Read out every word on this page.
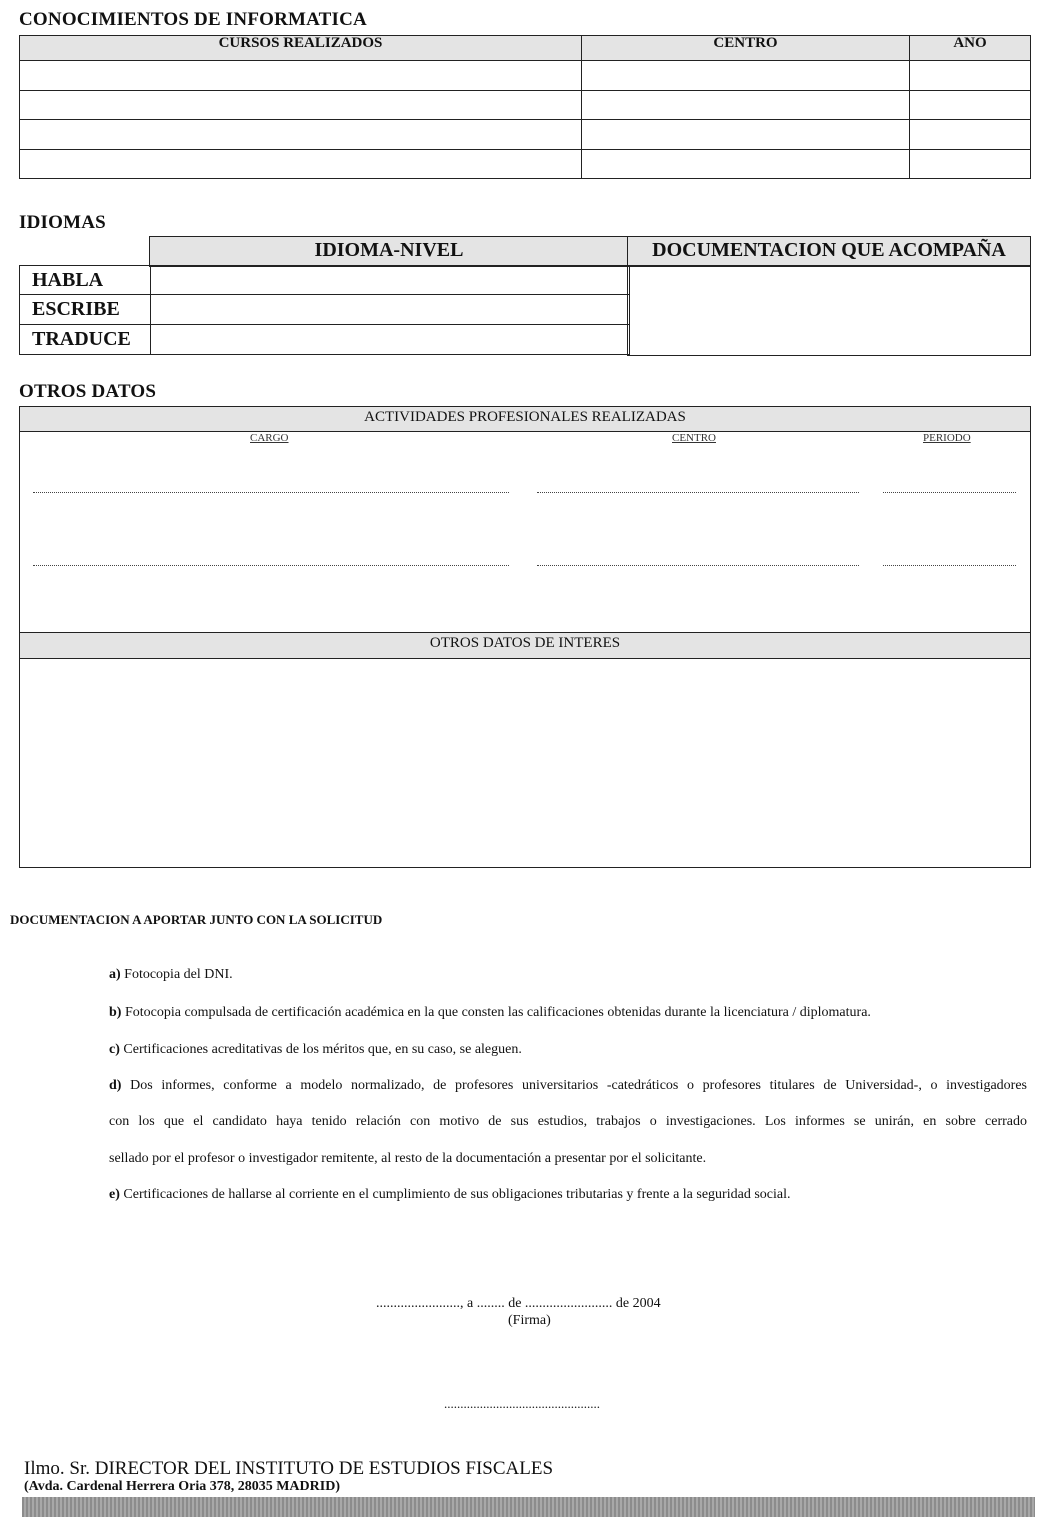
CONOCIMIENTOS DE INFORMATICA
CURSOS REALIZADOS	CENTRO	ANO

IDIOMAS
IDIOMA-NIVEL	DOCUMENTACION QUE ACOMPAÑA
HABLA	
ESCRIBE	
TRADUCE	
OTROS DATOS
ACTIVIDADES PROFESIONALES REALIZADAS
CARGO	CENTRO	PERIODO
OTROS DATOS DE INTERES
DOCUMENTACION A APORTAR JUNTO CON LA SOLICITUD
a) Fotocopia del DNI.
b) Fotocopia compulsada de certificación académica en la que consten las calificaciones obtenidas durante la licenciatura / diplomatura.
c) Certificaciones acreditativas de los méritos que, en su caso, se aleguen.
d) Dos informes, conforme a modelo normalizado, de profesores universitarios -catedráticos o profesores titulares de Universidad-, o investigadores
con los que el candidato haya tenido relación con motivo de sus estudios, trabajos o investigaciones. Los informes se unirán, en sobre cerrado
sellado por el profesor o investigador remitente, al resto de la documentación a presentar por el solicitante.
e) Certificaciones de hallarse al corriente en el cumplimiento de sus obligaciones tributarias y frente a la seguridad social.
........................, a ........ de ......................... de 2004
(Firma)
................................................
Ilmo. Sr. DIRECTOR DEL INSTITUTO DE ESTUDIOS FISCALES
(Avda. Cardenal Herrera Oria 378, 28035 MADRID)
